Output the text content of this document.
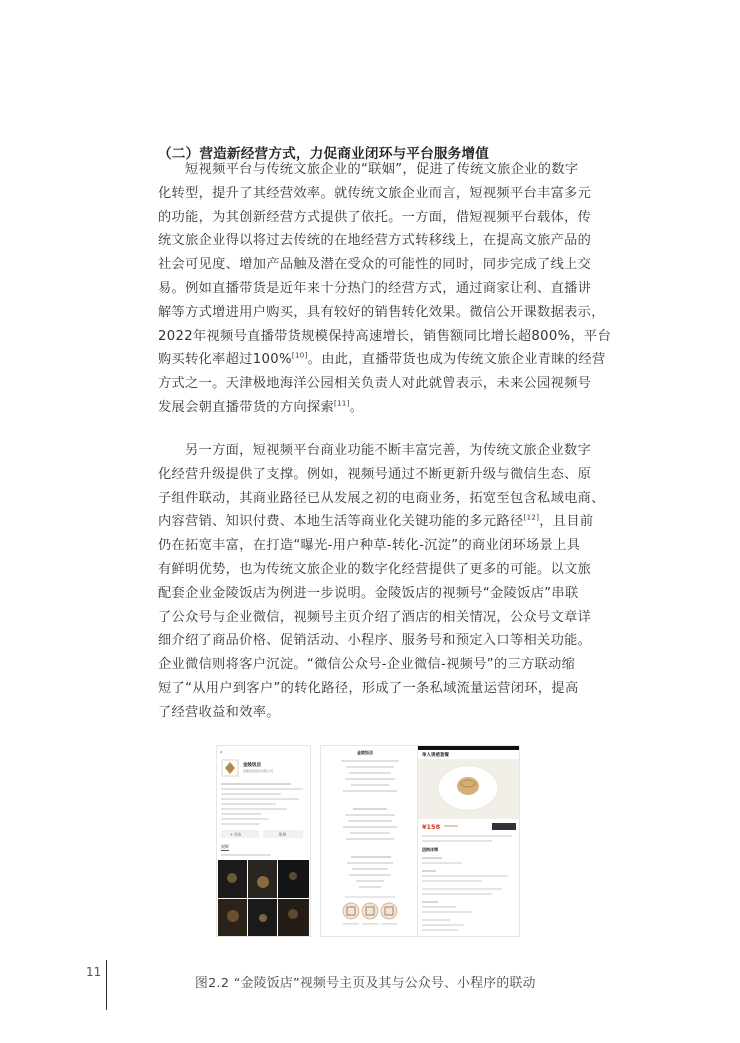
（二）营造新经营方式，力促商业闭环与平台服务增值
短视频平台与传统文旅企业的“联姻”，促进了传统文旅企业的数字
化转型，提升了其经营效率。就传统文旅企业而言，短视频平台丰富多元
的功能，为其创新经营方式提供了依托。一方面，借短视频平台载体，传
统文旅企业得以将过去传统的在地经营方式转移线上，在提高文旅产品的
社会可见度、增加产品触及潜在受众的可能性的同时，同步完成了线上交
易。例如直播带货是近年来十分热门的经营方式，通过商家让利、直播讲
解等方式增进用户购买，具有较好的销售转化效果。微信公开课数据表示，
2022年视频号直播带货规模保持高速增长，销售额同比增长超800%，平台
购买转化率超过100%[10]。由此，直播带货也成为传统文旅企业青睐的经营
方式之一。天津极地海洋公园相关负责人对此就曾表示，未来公园视频号
发展会朝直播带货的方向探索[11]。
另一方面，短视频平台商业功能不断丰富完善，为传统文旅企业数字
化经营升级提供了支撑。例如，视频号通过不断更新升级与微信生态、原
子组件联动，其商业路径已从发展之初的电商业务，拓宽至包含私域电商、
内容营销、知识付费、本地生活等商业化关键功能的多元路径[12]，且目前
仍在拓宽丰富，在打造“曝光-用户种草-转化-沉淀”的商业闭环场景上具
有鲜明优势，也为传统文旅企业的数字化经营提供了更多的可能。以文旅
配套企业金陵饭店为例进一步说明。金陵饭店的视频号“金陵饭店”串联
了公众号与企业微信，视频号主页介绍了酒店的相关情况，公众号文章详
细介绍了商品价格、促销活动、小程序、服务号和预定入口等相关功能。
企业微信则将客户沉淀。“微信公众号-企业微信-视频号”的三方联动缩
短了“从用户到客户”的转化路径，形成了一条私域流量运营闭环，提高
了经营收益和效率。
‹
金陵饭店
金陵饭店股份有限公司
+ 关注	私信
视频
金陵饭店
单人诱惑套餐
¥158
团购详情
11
图2.2 “金陵饭店”视频号主页及其与公众号、小程序的联动
